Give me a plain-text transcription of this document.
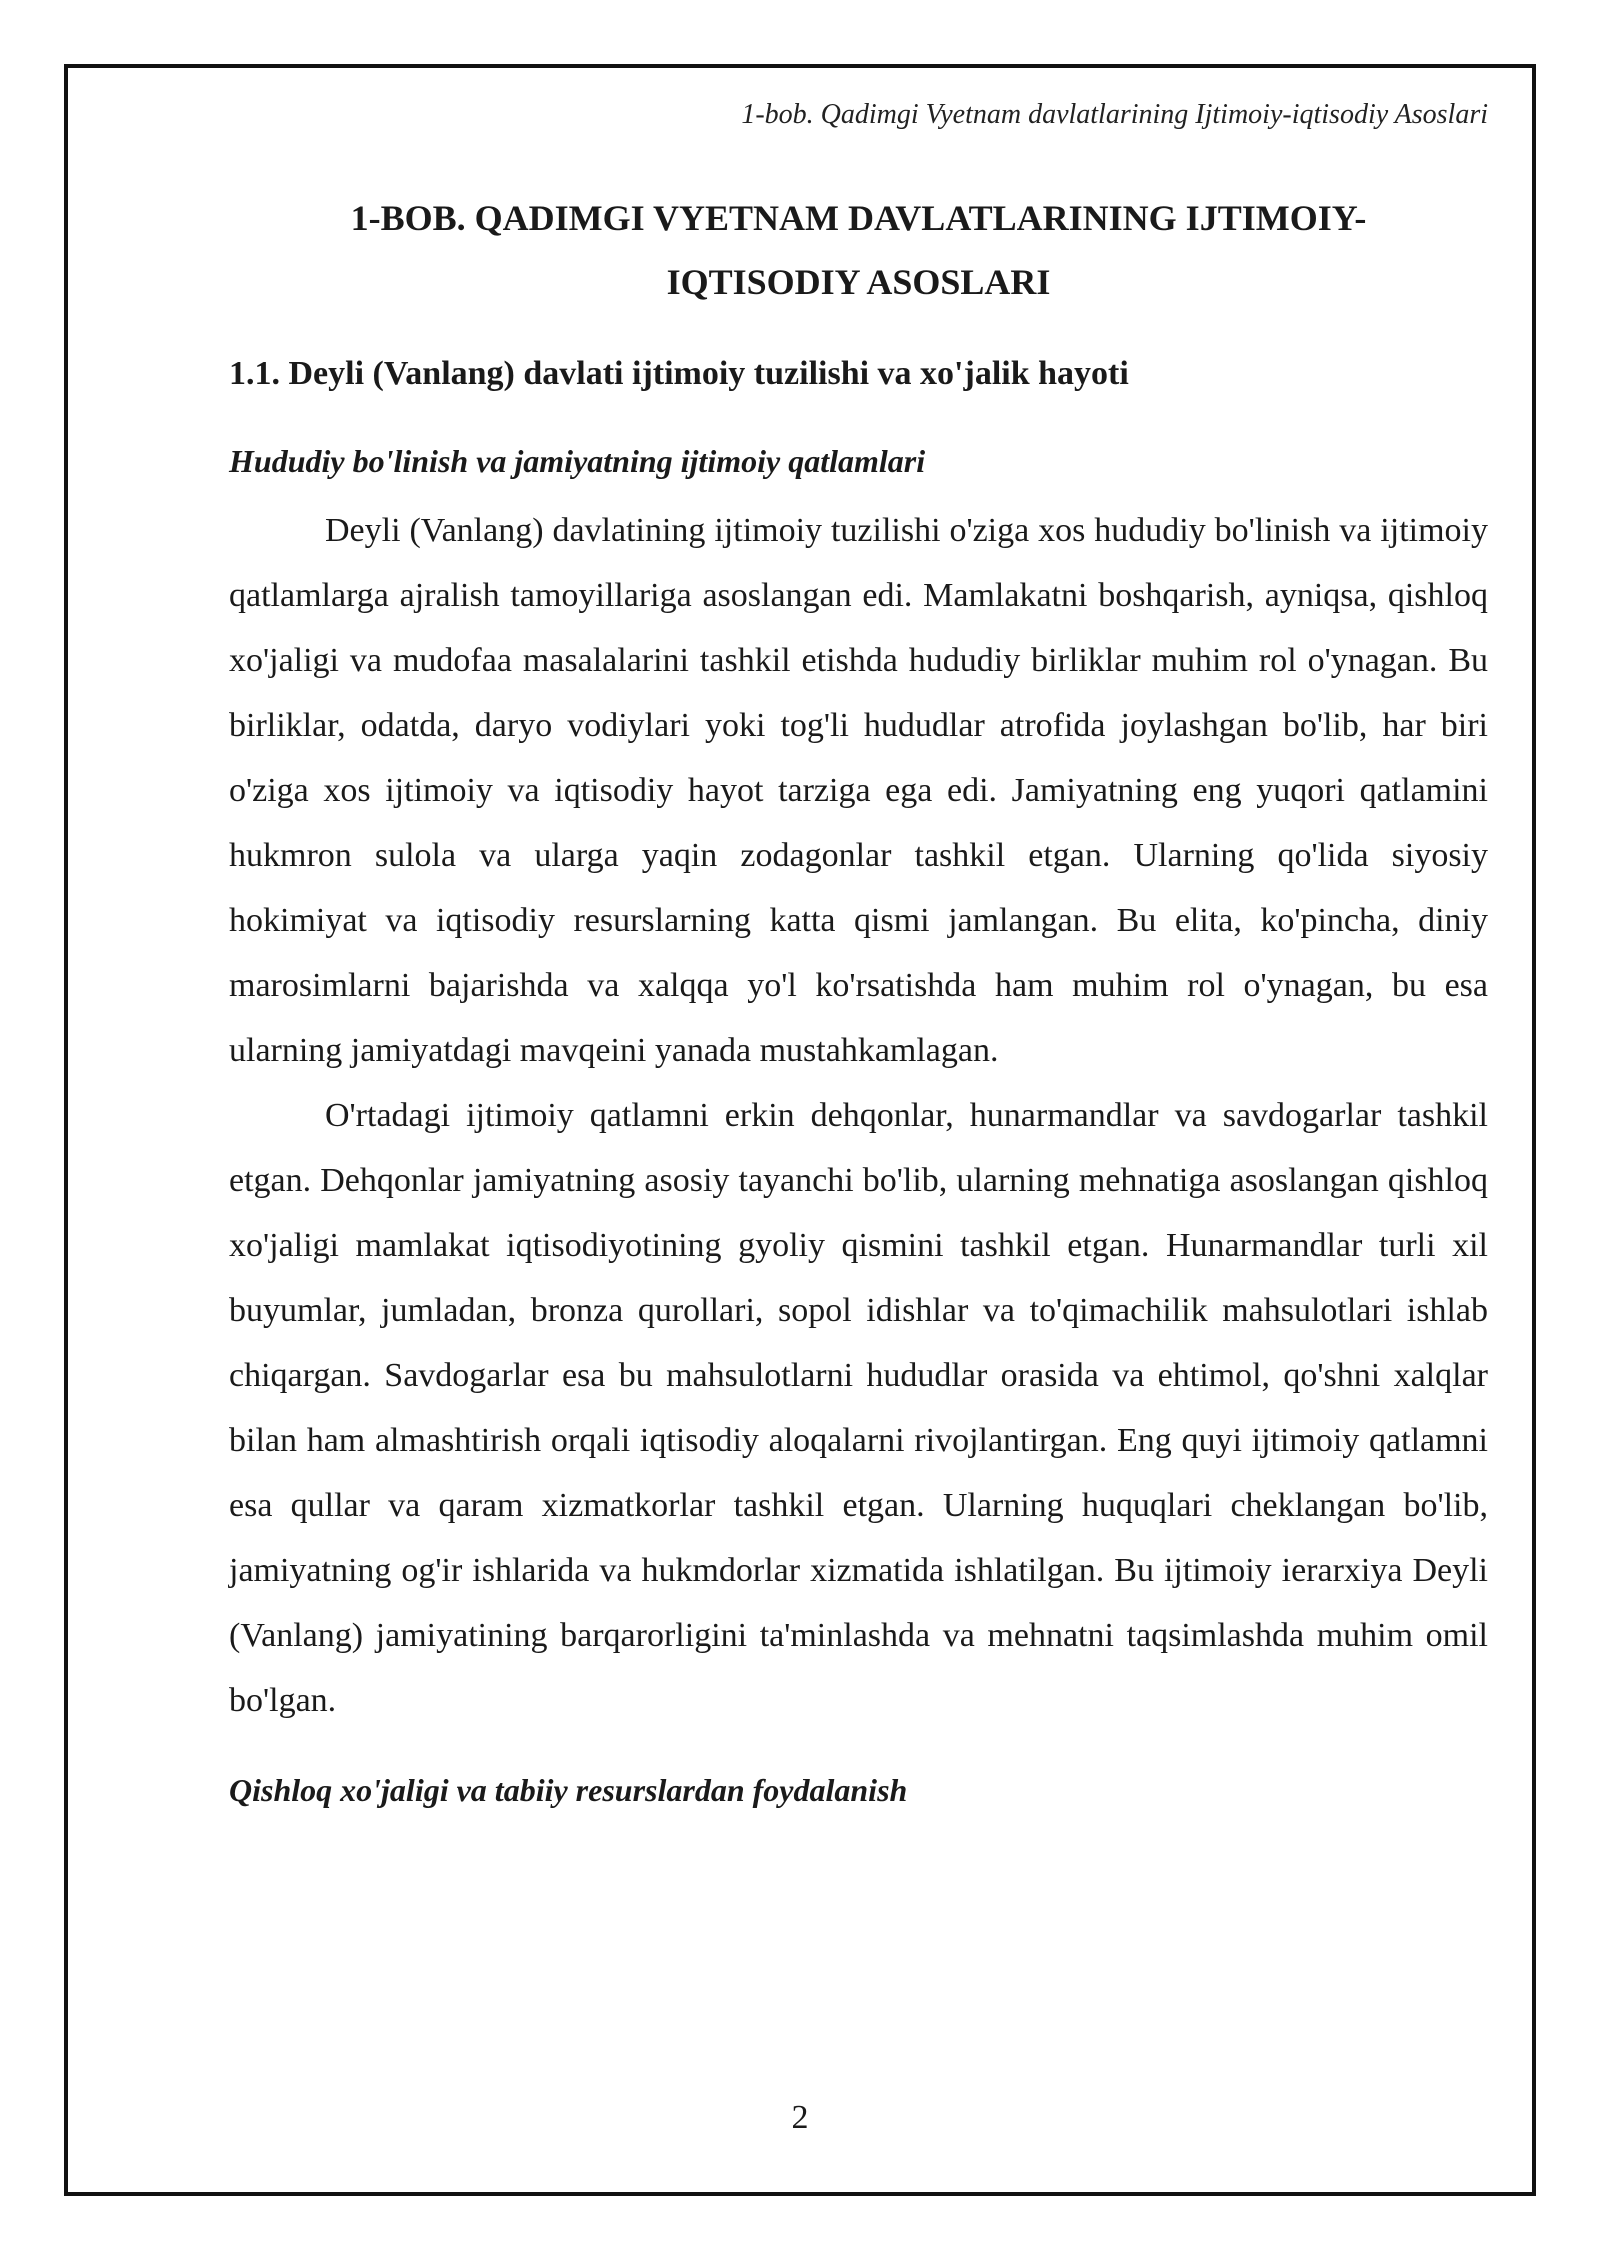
1-bob. Qadimgi Vyetnam davlatlarining Ijtimoiy-iqtisodiy Asoslari
1-BOB. QADIMGI VYETNAM DAVLATLARINING IJTIMOIY-IQTISODIY ASOSLARI
1.1. Deyli (Vanlang) davlati ijtimoiy tuzilishi va xo'jalik hayoti
Hududiy bo'linish va jamiyatning ijtimoiy qatlamlari

Deyli (Vanlang) davlatining ijtimoiy tuzilishi o'ziga xos hududiy bo'linish va ijtimoiy qatlamlarga ajralish tamoyillariga asoslangan edi. Mamlakatni boshqarish, ayniqsa, qishloq xo'jaligi va mudofaa masalalarini tashkil etishda hududiy birliklar muhim rol o'ynagan. Bu birliklar, odatda, daryo vodiylari yoki tog'li hududlar atrofida joylashgan bo'lib, har biri o'ziga xos ijtimoiy va iqtisodiy hayot tarziga ega edi. Jamiyatning eng yuqori qatlamini hukmron sulola va ularga yaqin zodagonlar tashkil etgan. Ularning qo'lida siyosiy hokimiyat va iqtisodiy resurslarning katta qismi jamlangan. Bu elita, ko'pincha, diniy marosimlarni bajarishda va xalqqa yo'l ko'rsatishda ham muhim rol o'ynagan, bu esa ularning jamiyatdagi mavqeini yanada mustahkamlagan.

O'rtadagi ijtimoiy qatlamni erkin dehqonlar, hunarmandlar va savdogarlar tashkil etgan. Dehqonlar jamiyatning asosiy tayanchi bo'lib, ularning mehnatiga asoslangan qishloq xo'jaligi mamlakat iqtisodiyotining gyoliy qismini tashkil etgan. Hunarmandlar turli xil buyumlar, jumladan, bronza qurollari, sopol idishlar va to'qimachilik mahsulotlari ishlab chiqargan. Savdogarlar esa bu mahsulotlarni hududlar orasida va ehtimol, qo'shni xalqlar bilan ham almashtirish orqali iqtisodiy aloqalarni rivojlantirgan. Eng quyi ijtimoiy qatlamni esa qullar va qaram xizmatkorlar tashkil etgan. Ularning huquqlari cheklangan bo'lib, jamiyatning og'ir ishlarida va hukmdorlar xizmatida ishlatilgan. Bu ijtimoiy ierarxiya Deyli (Vanlang) jamiyatining barqarorligini ta'minlashda va mehnatni taqsimlashda muhim omil bo'lgan.

Qishloq xo'jaligi va tabiiy resurslardan foydalanish
2
